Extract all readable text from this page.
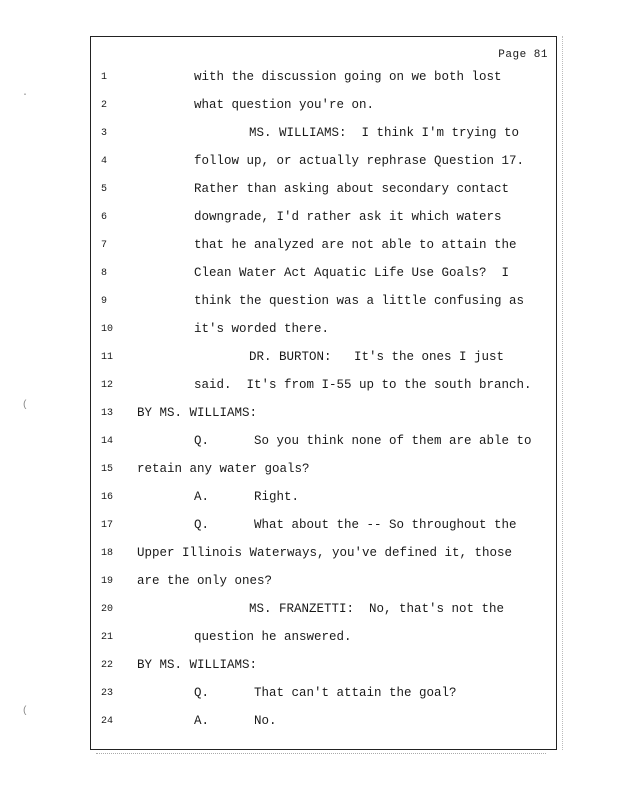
Page 81
1	with the discussion going on we both lost
2	what question you're on.
3	MS. WILLIAMS:  I think I'm trying to
4	follow up, or actually rephrase Question 17.
5	Rather than asking about secondary contact
6	downgrade, I'd rather ask it which waters
7	that he analyzed are not able to attain the
8	Clean Water Act Aquatic Life Use Goals?  I
9	think the question was a little confusing as
10	it's worded there.
11	DR. BURTON:   It's the ones I just
12	said.  It's from I-55 up to the south branch.
13	BY MS. WILLIAMS:
14	Q.      So you think none of them are able to
15	retain any water goals?
16	A.      Right.
17	Q.      What about the -- So throughout the
18	Upper Illinois Waterways, you've defined it, those
19	are the only ones?
20	MS. FRANZETTI:  No, that's not the
21	question he answered.
22	BY MS. WILLIAMS:
23	Q.      That can't attain the goal?
24	A.      No.
·
(
(
